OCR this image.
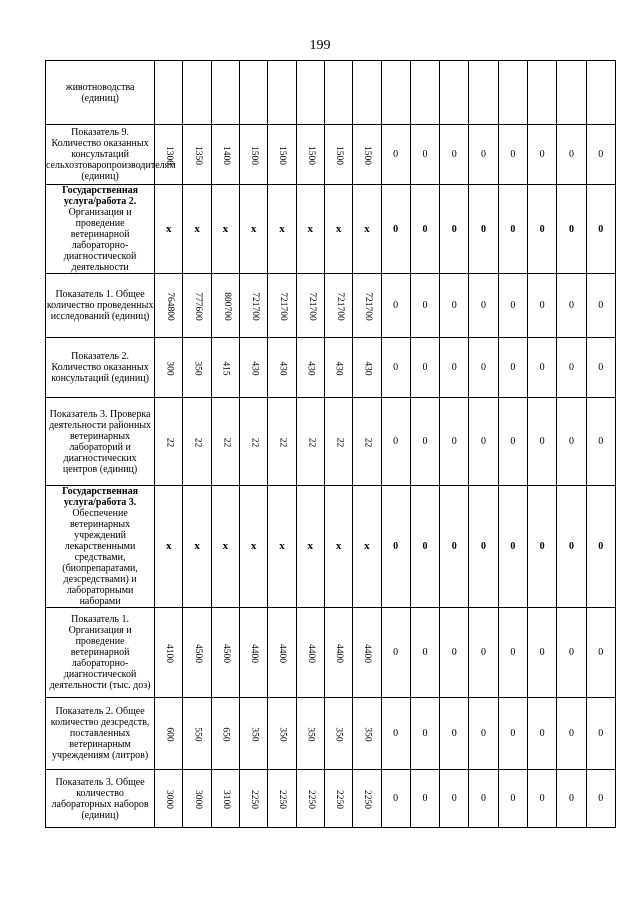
199
животноводства (единиц)																
Показатель 9. Количество оказанных консультаций сельхозтоваропроизводителям (единиц)	1300	1350	1400	1500	1500	1500	1500	1500	0	0	0	0	0	0	0	0
Государственная услуга/работа 2. Организация и проведение ветеринарной лабораторно-диагностической деятельности	x	x	x	x	x	x	x	x	0	0	0	0	0	0	0	0
Показатель 1. Общее количество проведенных исследований (единиц)	764800	777600	800700	721700	721700	721700	721700	721700	0	0	0	0	0	0	0	0
Показатель 2. Количество оказанных консультаций (единиц)	300	350	415	430	430	430	430	430	0	0	0	0	0	0	0	0
Показатель 3. Проверка деятельности районных ветеринарных лабораторий и диагностических центров (единиц)	22	22	22	22	22	22	22	22	0	0	0	0	0	0	0	0
Государственная услуга/работа 3. Обеспечение ветеринарных учреждений лекарственными средствами, (биопрепаратами, дезсредствами) и лабораторными наборами	x	x	x	x	x	x	x	x	0	0	0	0	0	0	0	0
Показатель 1. Организация и проведение ветеринарной лабораторно-диагностической деятельности (тыс. доз)	4100	4500	4500	4400	4400	4400	4400	4400	0	0	0	0	0	0	0	0
Показатель 2. Общее количество дезсредств, поставленных ветеринарным учреждениям (литров)	600	550	650	350	350	350	350	350	0	0	0	0	0	0	0	0
Показатель 3. Общее количество лабораторных наборов (единиц)	3000	3000	3100	2250	2250	2250	2250	2250	0	0	0	0	0	0	0	0
